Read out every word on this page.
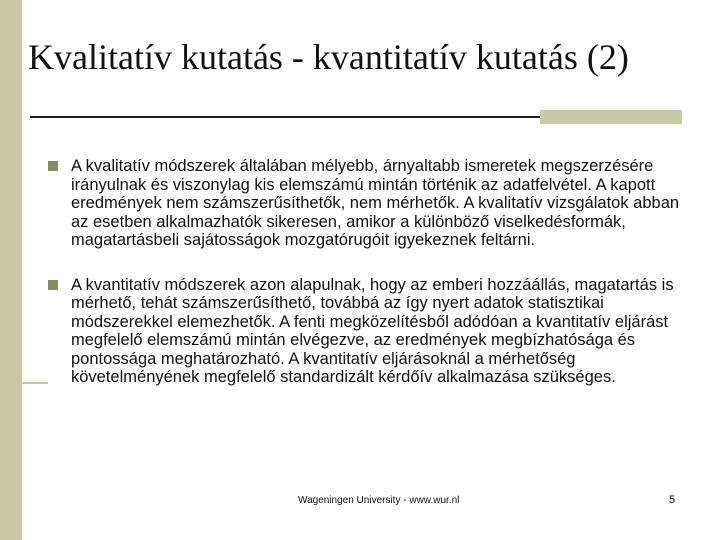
Kvalitatív kutatás - kvantitatív kutatás (2)
A kvalitatív módszerek általában mélyebb, árnyaltabb ismeretek megszerzésére irányulnak és viszonylag kis elemszámú mintán történik az adatfelvétel. A kapott eredmények nem számszerűsíthetők, nem mérhetők. A kvalitatív vizsgálatok abban az esetben alkalmazhatók sikeresen, amikor a különböző viselkedésformák, magatartásbeli sajátosságok mozgatórugóit igyekeznek feltárni.
A kvantitatív módszerek azon alapulnak, hogy az emberi hozzáállás, magatartás is mérhető, tehát számszerűsíthető, továbbá az így nyert adatok statisztikai módszerekkel elemezhetők. A fenti megközelítésből adódóan a kvantitatív eljárást megfelelő elemszámú mintán elvégezve, az eredmények megbízhatósága és pontossága meghatározható. A kvantitatív eljárásoknál a mérhetőség követelményének megfelelő standardizált kérdőív alkalmazása szükséges.
Wageningen University - www.wur.nl	5
